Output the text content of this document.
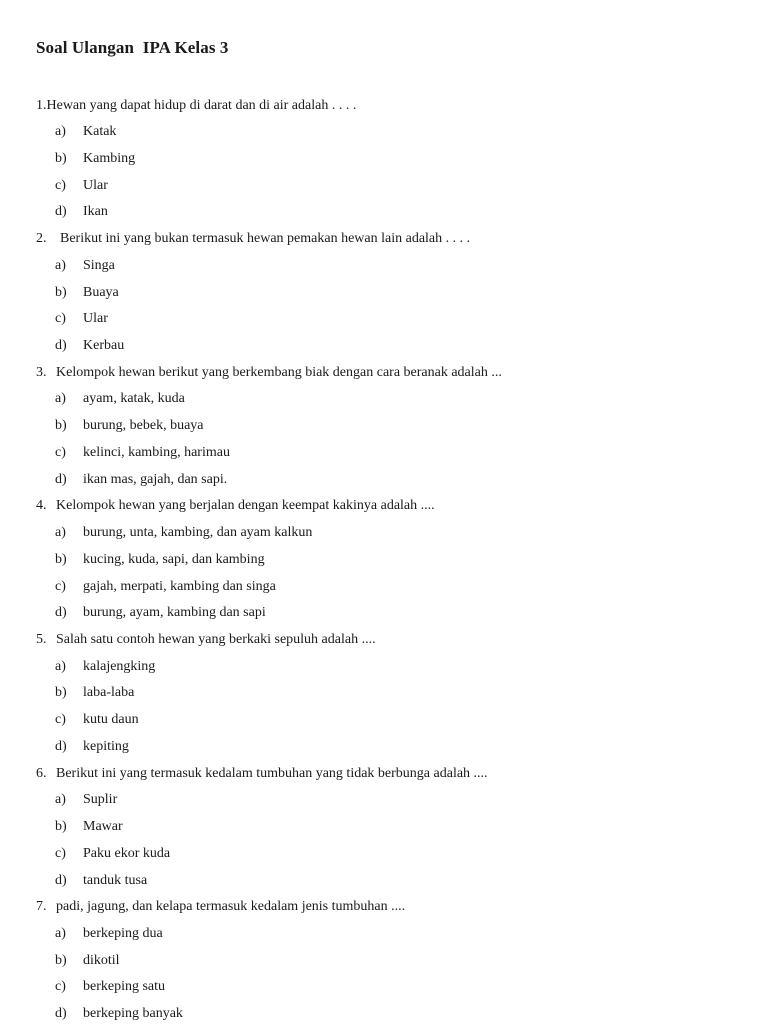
Soal Ulangan  IPA Kelas 3
1.Hewan yang dapat hidup di darat dan di air adalah . . . .
a) Katak
b) Kambing
c) Ular
d) Ikan
2. Berikut ini yang bukan termasuk hewan pemakan hewan lain adalah . . . .
a) Singa
b) Buaya
c) Ular
d) Kerbau
3. Kelompok hewan berikut yang berkembang biak dengan cara beranak adalah ...
a) ayam, katak, kuda
b) burung, bebek, buaya
c) kelinci, kambing, harimau
d) ikan mas, gajah, dan sapi.
4. Kelompok hewan yang berjalan dengan keempat kakinya adalah ....
a) burung, unta, kambing, dan ayam kalkun
b) kucing, kuda, sapi, dan kambing
c) gajah, merpati, kambing dan singa
d) burung, ayam, kambing dan sapi
5. Salah satu contoh hewan yang berkaki sepuluh adalah ....
a) kalajengking
b) laba-laba
c) kutu daun
d) kepiting
6. Berikut ini yang termasuk kedalam tumbuhan yang tidak berbunga adalah ....
a) Suplir
b) Mawar
c) Paku ekor kuda
d) tanduk tusa
7. padi, jagung, dan kelapa termasuk kedalam jenis tumbuhan ....
a) berkeping dua
b) dikotil
c) berkeping satu
d) berkeping banyak
